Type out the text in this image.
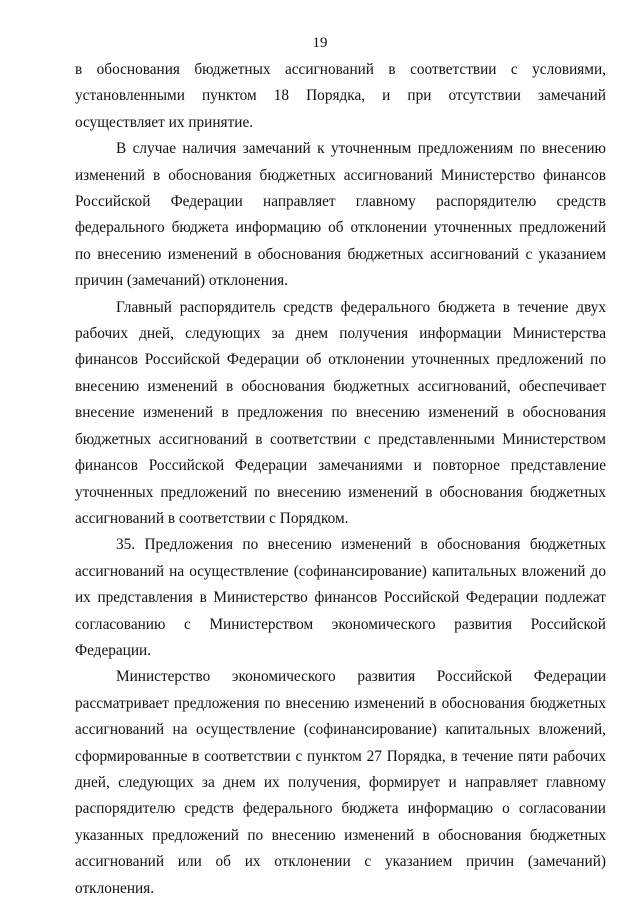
19

в обоснования бюджетных ассигнований в соответствии с условиями, установленными пунктом 18 Порядка, и при отсутствии замечаний осуществляет их принятие.

В случае наличия замечаний к уточненным предложениям по внесению изменений в обоснования бюджетных ассигнований Министерство финансов Российской Федерации направляет главному распорядителю средств федерального бюджета информацию об отклонении уточненных предложений по внесению изменений в обоснования бюджетных ассигнований с указанием причин (замечаний) отклонения.

Главный распорядитель средств федерального бюджета в течение двух рабочих дней, следующих за днем получения информации Министерства финансов Российской Федерации об отклонении уточненных предложений по внесению изменений в обоснования бюджетных ассигнований, обеспечивает внесение изменений в предложения по внесению изменений в обоснования бюджетных ассигнований в соответствии с представленными Министерством финансов Российской Федерации замечаниями и повторное представление уточненных предложений по внесению изменений в обоснования бюджетных ассигнований в соответствии с Порядком.

35. Предложения по внесению изменений в обоснования бюджетных ассигнований на осуществление (софинансирование) капитальных вложений до их представления в Министерство финансов Российской Федерации подлежат согласованию с Министерством экономического развития Российской Федерации.

Министерство экономического развития Российской Федерации рассматривает предложения по внесению изменений в обоснования бюджетных ассигнований на осуществление (софинансирование) капитальных вложений, сформированные в соответствии с пунктом 27 Порядка, в течение пяти рабочих дней, следующих за днем их получения, формирует и направляет главному распорядителю средств федерального бюджета информацию о согласовании указанных предложений по внесению изменений в обоснования бюджетных ассигнований или об их отклонении с указанием причин (замечаний) отклонения.
